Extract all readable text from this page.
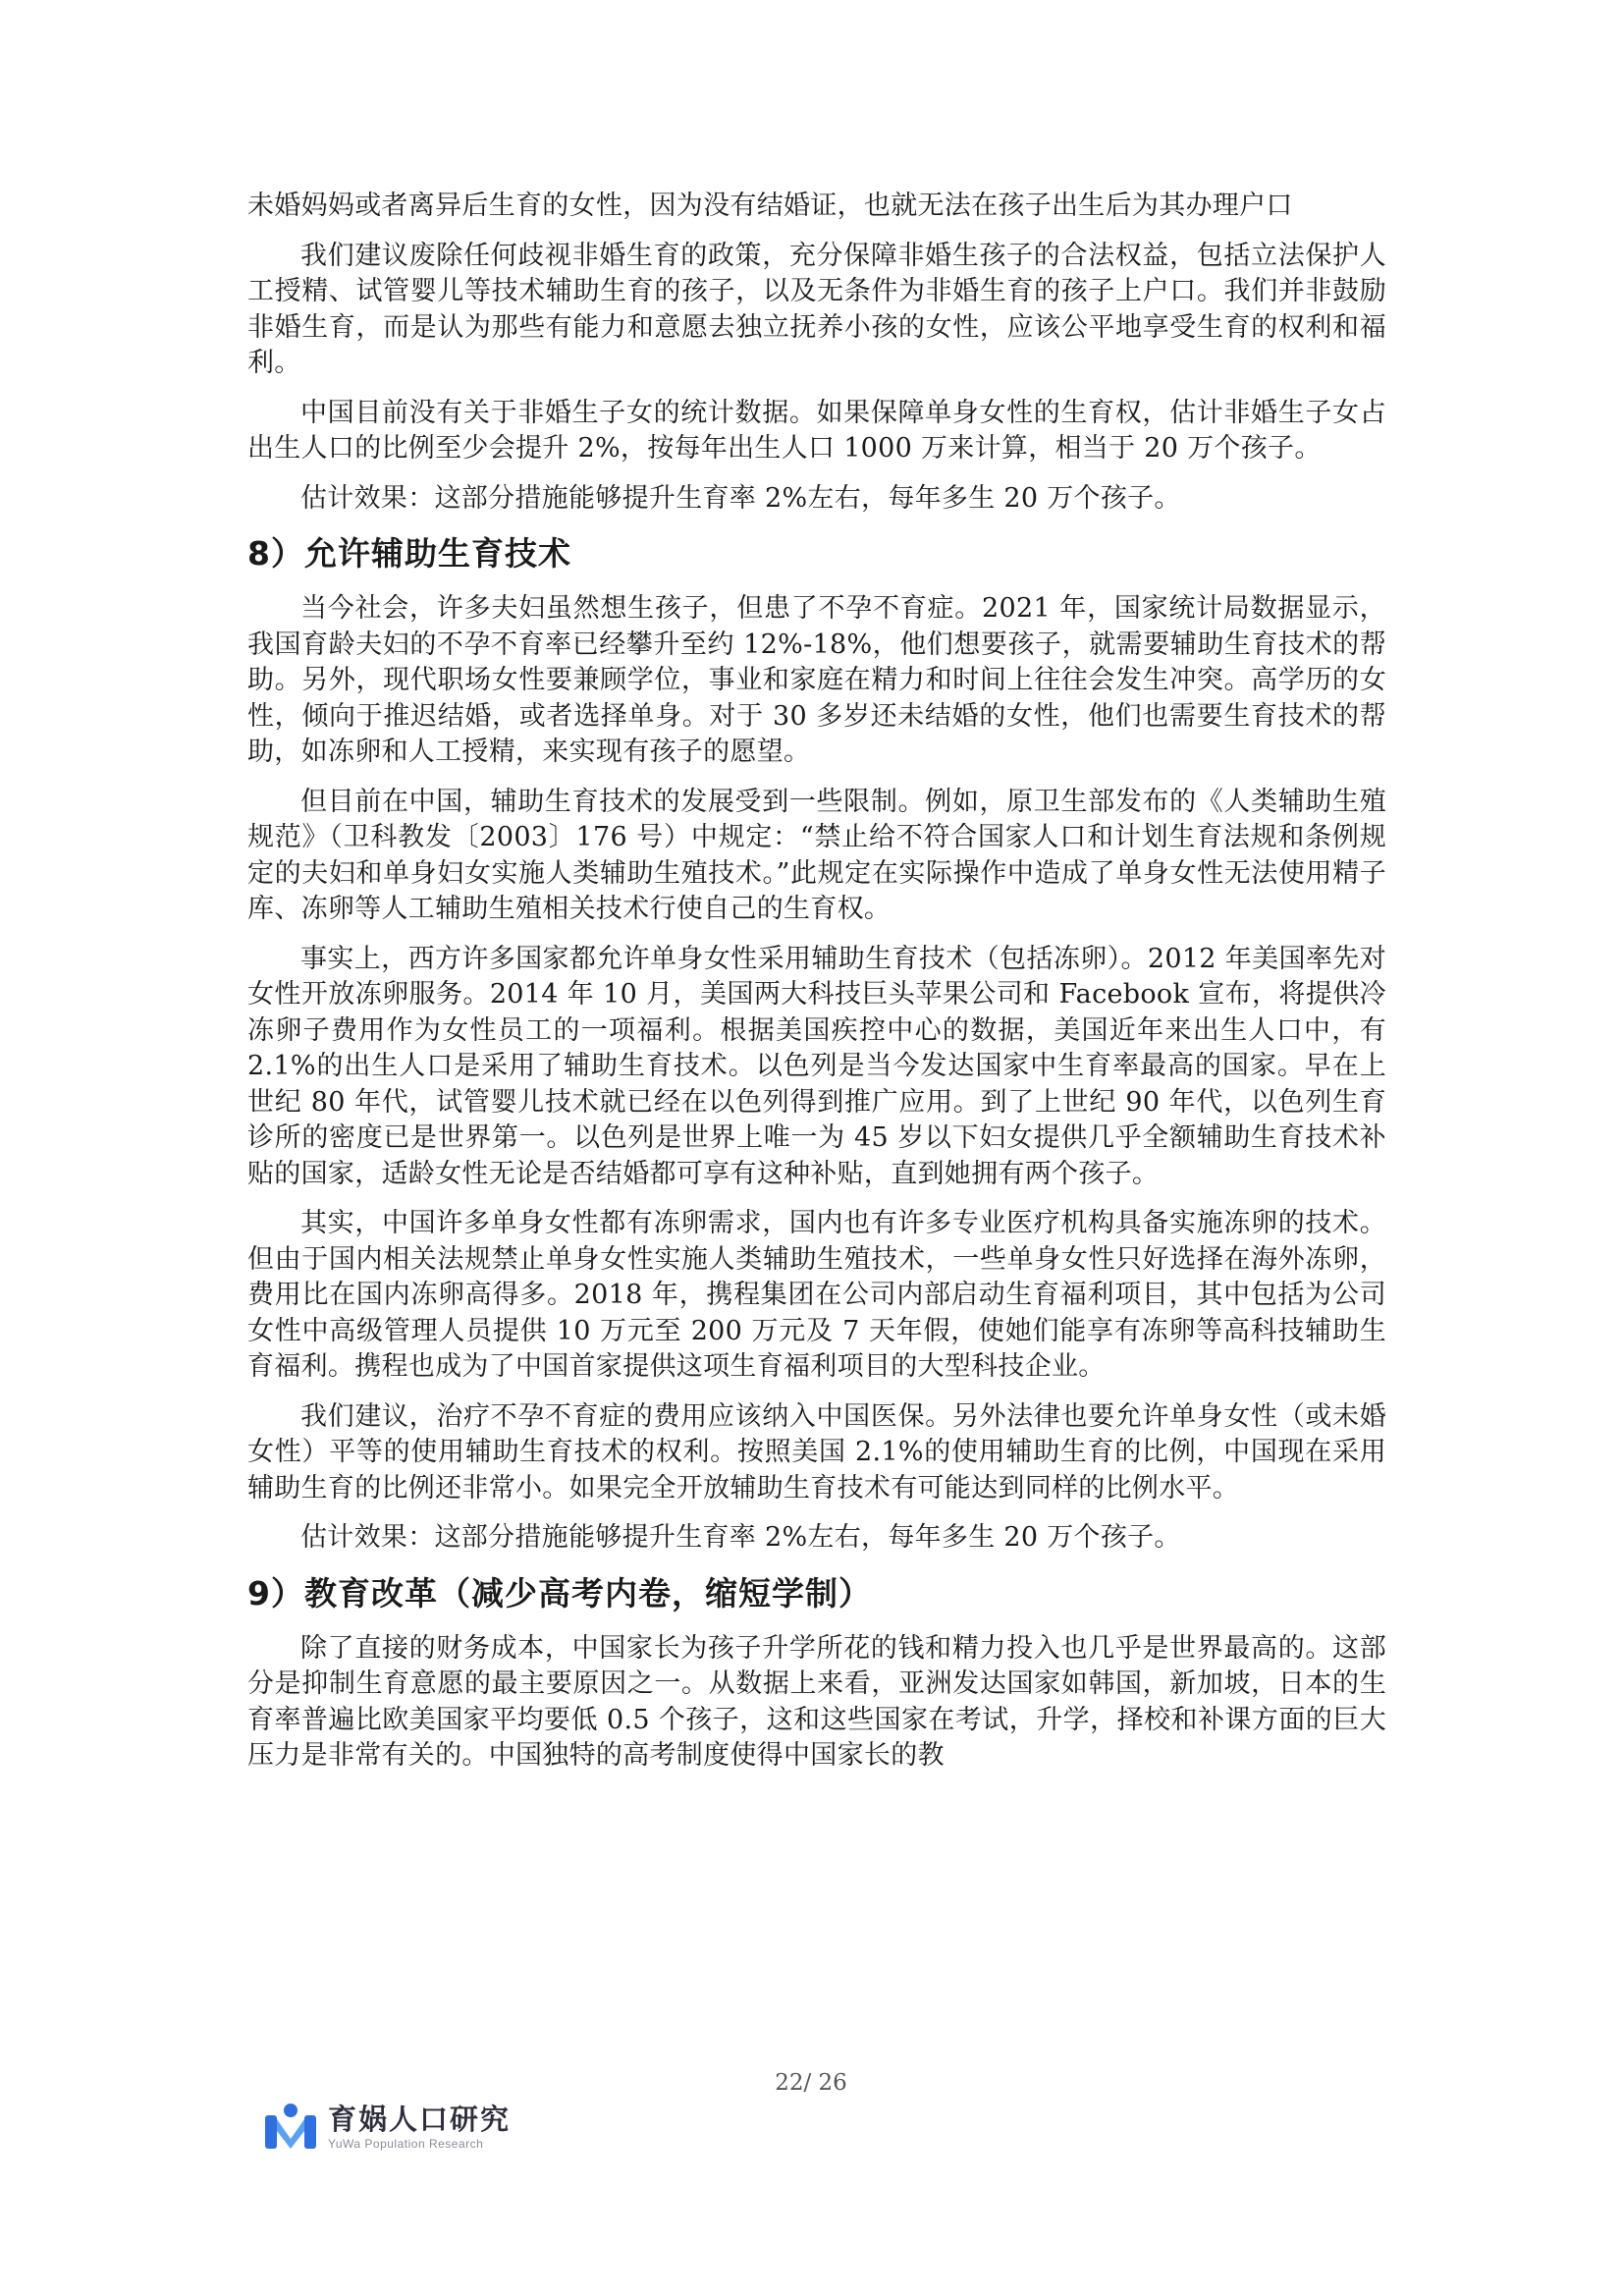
未婚妈妈或者离异后生育的女性，因为没有结婚证，也就无法在孩子出生后为其办理户口

我们建议废除任何歧视非婚生育的政策，充分保障非婚生孩子的合法权益，包括立法保护人工授精、试管婴儿等技术辅助生育的孩子，以及无条件为非婚生育的孩子上户口。我们并非鼓励非婚生育，而是认为那些有能力和意愿去独立抚养小孩的女性，应该公平地享受生育的权利和福利。

中国目前没有关于非婚生子女的统计数据。如果保障单身女性的生育权，估计非婚生子女占出生人口的比例至少会提升 2%，按每年出生人口 1000 万来计算，相当于 20 万个孩子。

估计效果：这部分措施能够提升生育率 2%左右，每年多生 20 万个孩子。

8）允许辅助生育技术

当今社会，许多夫妇虽然想生孩子，但患了不孕不育症。2021 年，国家统计局数据显示，我国育龄夫妇的不孕不育率已经攀升至约 12%-18%，他们想要孩子，就需要辅助生育技术的帮助。另外，现代职场女性要兼顾学位，事业和家庭在精力和时间上往往会发生冲突。高学历的女性，倾向于推迟结婚，或者选择单身。对于 30 多岁还未结婚的女性，他们也需要生育技术的帮助，如冻卵和人工授精，来实现有孩子的愿望。

但目前在中国，辅助生育技术的发展受到一些限制。例如，原卫生部发布的《人类辅助生殖规范》（卫科教发〔2003〕176 号）中规定：“禁止给不符合国家人口和计划生育法规和条例规定的夫妇和单身妇女实施人类辅助生殖技术。”此规定在实际操作中造成了单身女性无法使用精子库、冻卵等人工辅助生殖相关技术行使自己的生育权。

事实上，西方许多国家都允许单身女性采用辅助生育技术（包括冻卵）。2012 年美国率先对女性开放冻卵服务。2014 年 10 月，美国两大科技巨头苹果公司和 Facebook 宣布，将提供冷冻卵子费用作为女性员工的一项福利。根据美国疾控中心的数据，美国近年来出生人口中，有 2.1%的出生人口是采用了辅助生育技术。以色列是当今发达国家中生育率最高的国家。早在上世纪 80 年代，试管婴儿技术就已经在以色列得到推广应用。到了上世纪 90 年代，以色列生育诊所的密度已是世界第一。以色列是世界上唯一为 45 岁以下妇女提供几乎全额辅助生育技术补贴的国家，适龄女性无论是否结婚都可享有这种补贴，直到她拥有两个孩子。

其实，中国许多单身女性都有冻卵需求，国内也有许多专业医疗机构具备实施冻卵的技术。但由于国内相关法规禁止单身女性实施人类辅助生殖技术，一些单身女性只好选择在海外冻卵，费用比在国内冻卵高得多。2018 年，携程集团在公司内部启动生育福利项目，其中包括为公司女性中高级管理人员提供 10 万元至 200 万元及 7 天年假，使她们能享有冻卵等高科技辅助生育福利。携程也成为了中国首家提供这项生育福利项目的大型科技企业。

我们建议，治疗不孕不育症的费用应该纳入中国医保。另外法律也要允许单身女性（或未婚女性）平等的使用辅助生育技术的权利。按照美国 2.1%的使用辅助生育的比例，中国现在采用辅助生育的比例还非常小。如果完全开放辅助生育技术有可能达到同样的比例水平。

估计效果：这部分措施能够提升生育率 2%左右，每年多生 20 万个孩子。

9）教育改革（减少高考内卷，缩短学制）

除了直接的财务成本，中国家长为孩子升学所花的钱和精力投入也几乎是世界最高的。这部分是抑制生育意愿的最主要原因之一。从数据上来看，亚洲发达国家如韩国，新加坡，日本的生育率普遍比欧美国家平均要低 0.5 个孩子，这和这些国家在考试，升学，择校和补课方面的巨大压力是非常有关的。中国独特的高考制度使得中国家长的教

22/ 26
育娲人口研究
YuWa Population Research
